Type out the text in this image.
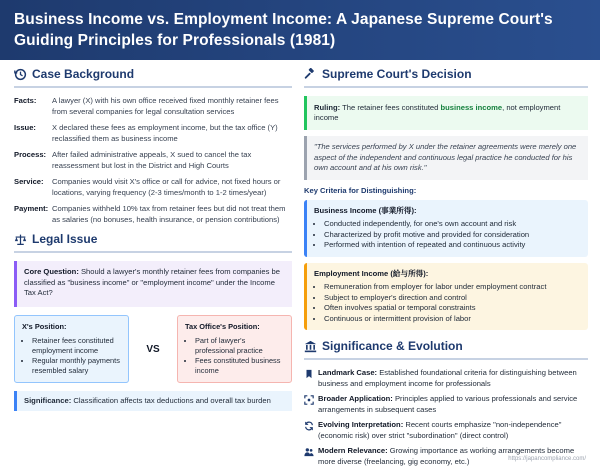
Business Income vs. Employment Income: A Japanese Supreme Court's Guiding Principles for Professionals (1981)
Case Background
Facts:	A lawyer (X) with his own office received fixed monthly retainer fees from several companies for legal consultation services
Issue:	X declared these fees as employment income, but the tax office (Y) reclassified them as business income
Process: After failed administrative appeals, X sued to cancel the tax reassessment but lost in the District and High Courts
Service:	Companies would visit X's office or call for advice, not fixed hours or locations, varying frequency (2-3 times/month to 1-2 times/year)
Payment: Companies withheld 10% tax from retainer fees but did not treat them as salaries (no bonuses, health insurance, or pension contributions)
Legal Issue
Core Question: Should a lawyer's monthly retainer fees from companies be classified as "business income" or "employment income" under the Income Tax Act?
X's Position:
• Retainer fees constituted employment income
• Regular monthly payments resembled salary
VS
Tax Office's Position:
• Part of lawyer's professional practice
• Fees constituted business income
Significance: Classification affects tax deductions and overall tax burden
Supreme Court's Decision
Ruling: The retainer fees constituted business income, not employment income
"The services performed by X under the retainer agreements were merely one aspect of the independent and continuous legal practice he conducted for his own account and at his own risk."
Key Criteria for Distinguishing:
Business Income (事業所得):
• Conducted independently, for one's own account and risk
• Characterized by profit motive and provided for consideration
• Performed with intention of repeated and continuous activity
Employment Income (給与所得):
• Remuneration from employer for labor under employment contract
• Subject to employer's direction and control
• Often involves spatial or temporal constraints
• Continuous or intermittent provision of labor
Significance & Evolution
Landmark Case: Established foundational criteria for distinguishing between business and employment income for professionals
Broader Application: Principles applied to various professionals and service arrangements in subsequent cases
Evolving Interpretation: Recent courts emphasize "non-independence" (economic risk) over strict "subordination" (direct control)
Modern Relevance: Growing importance as working arrangements become more diverse (freelancing, gig economy, etc.)	https://japancompliance.com/
